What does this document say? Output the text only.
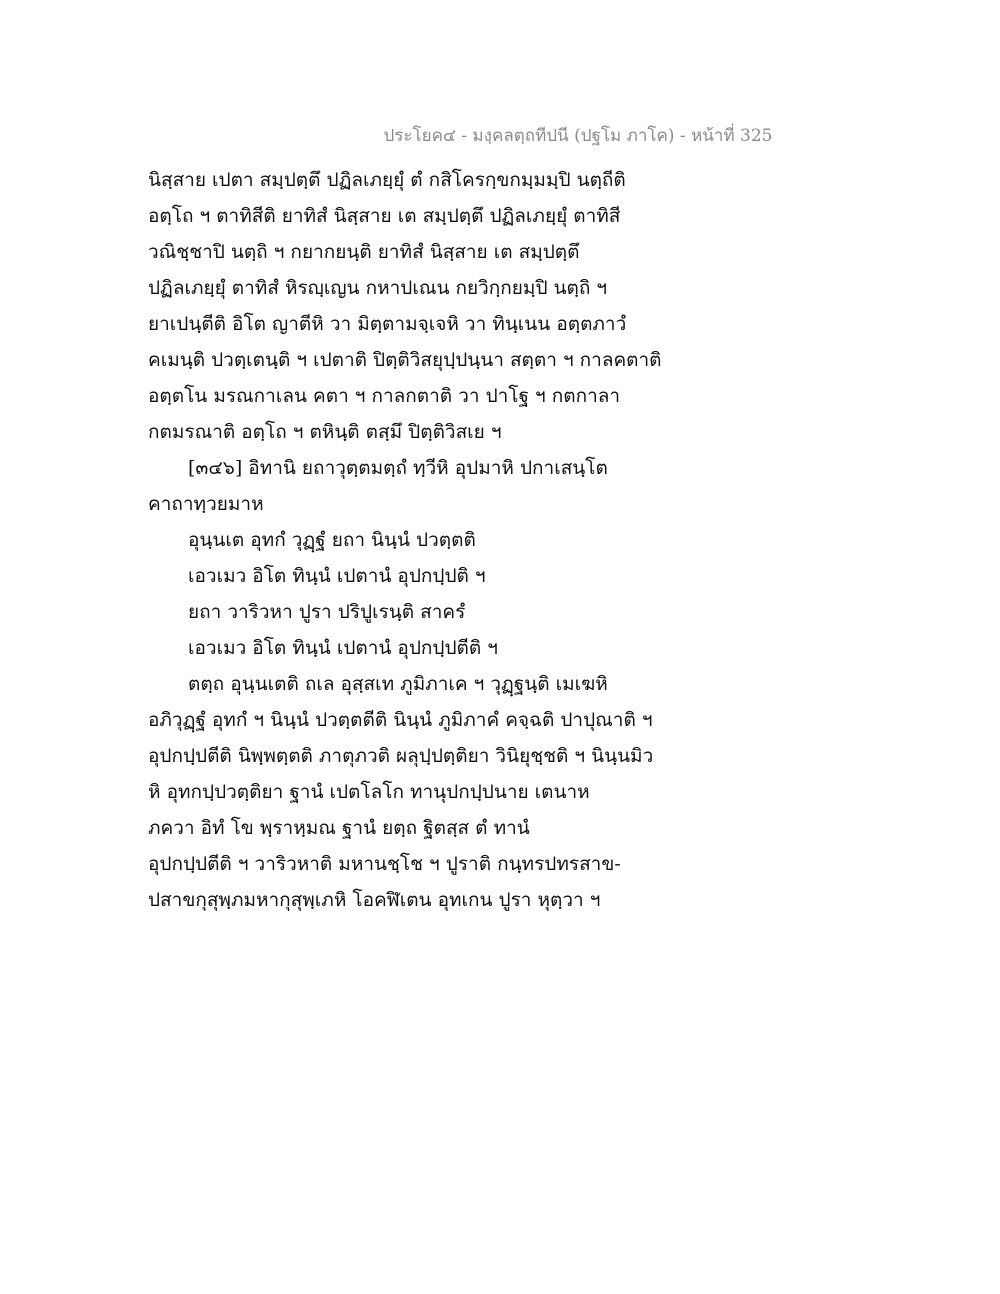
ประโยค๔ - มงฺคลตฺถทีปนี (ปฐโม ภาโค) - หน้าที่ 325
นิสฺสาย เปตา สมฺปตฺตึ ปฏิลเภยฺยุํ ตํ กสิโครกฺขกมฺมมฺปิ นตฺถีติ
อตฺโถ ฯ ตาทิสีติ ยาทิสํ นิสฺสาย เต สมฺปตฺตึ ปฏิลเภยฺยุํ ตาทิสี
วณิชฺชาปิ นตฺถิ ฯ กยากยนฺติ ยาทิสํ นิสฺสาย เต สมฺปตฺตึ
ปฏิลเภยฺยุํ ตาทิสํ หิรญฺเญน กหาปเณน กยวิกฺกยมฺปิ นตฺถิ ฯ
ยาเปนฺตีติ อิโต ญาตีหิ วา มิตฺตามจฺเจหิ วา ทินฺเนน อตฺตภาวํ
คเมนฺติ ปวตฺเตนฺติ ฯ เปตาติ ปิตฺติวิสยุปฺปนฺนา สตฺตา ฯ กาลคตาติ
อตฺตโน มรณกาเลน คตา ฯ กาลกตาติ วา ปาโฐ ฯ กตกาลา
กตมรณาติ อตฺโถ ฯ ตหินฺติ ตสฺมึ ปิตฺติวิสเย ฯ
[๓๔๖] อิทานิ ยถาวุตฺตมตฺถํ ทฺวีหิ อุปมาหิ ปกาเสนฺโต
คาถาทฺวยมาห
อุนฺนเต อุทกํ วุฏฺฐํ ยถา นินฺนํ ปวตฺตติ
เอวเมว อิโต ทินฺนํ เปตานํ อุปกปฺปติ ฯ
ยถา วาริวหา ปูรา ปริปูเรนฺติ สาครํ
เอวเมว อิโต ทินฺนํ เปตานํ อุปกปฺปตีติ ฯ
ตตฺถ อุนฺนเตติ ถเล อุสฺสเท ภูมิภาเค ฯ วุฏฺฐนฺติ เมเฆหิ
อภิวุฏฺฐํ อุทกํ ฯ นินฺนํ ปวตฺตตีติ นินฺนํ ภูมิภาคํ คจฺฉติ ปาปุณาติ ฯ
อุปกปฺปตีติ นิพฺพตฺตติ ภาตุภวติ ผลุปฺปตฺติยา วินิยุชฺชติ ฯ นินฺนมิว
หิ อุทกปฺปวตฺติยา ฐานํ เปตโลโก ทานุปกปฺปนาย เตนาห
ภควา อิทํ โข พฺราหฺมณ ฐานํ ยตฺถ ฐิตสฺส ตํ ทานํ
อุปกปฺปตีติ ฯ วาริวหาติ มหานชฺโช ฯ ปูราติ กนฺทรปทรสาข-
ปสาขกุสุพฺภมหากุสุพฺเภหิ โอคฬิเตน อุทเกน ปูรา หุตฺวา ฯ
